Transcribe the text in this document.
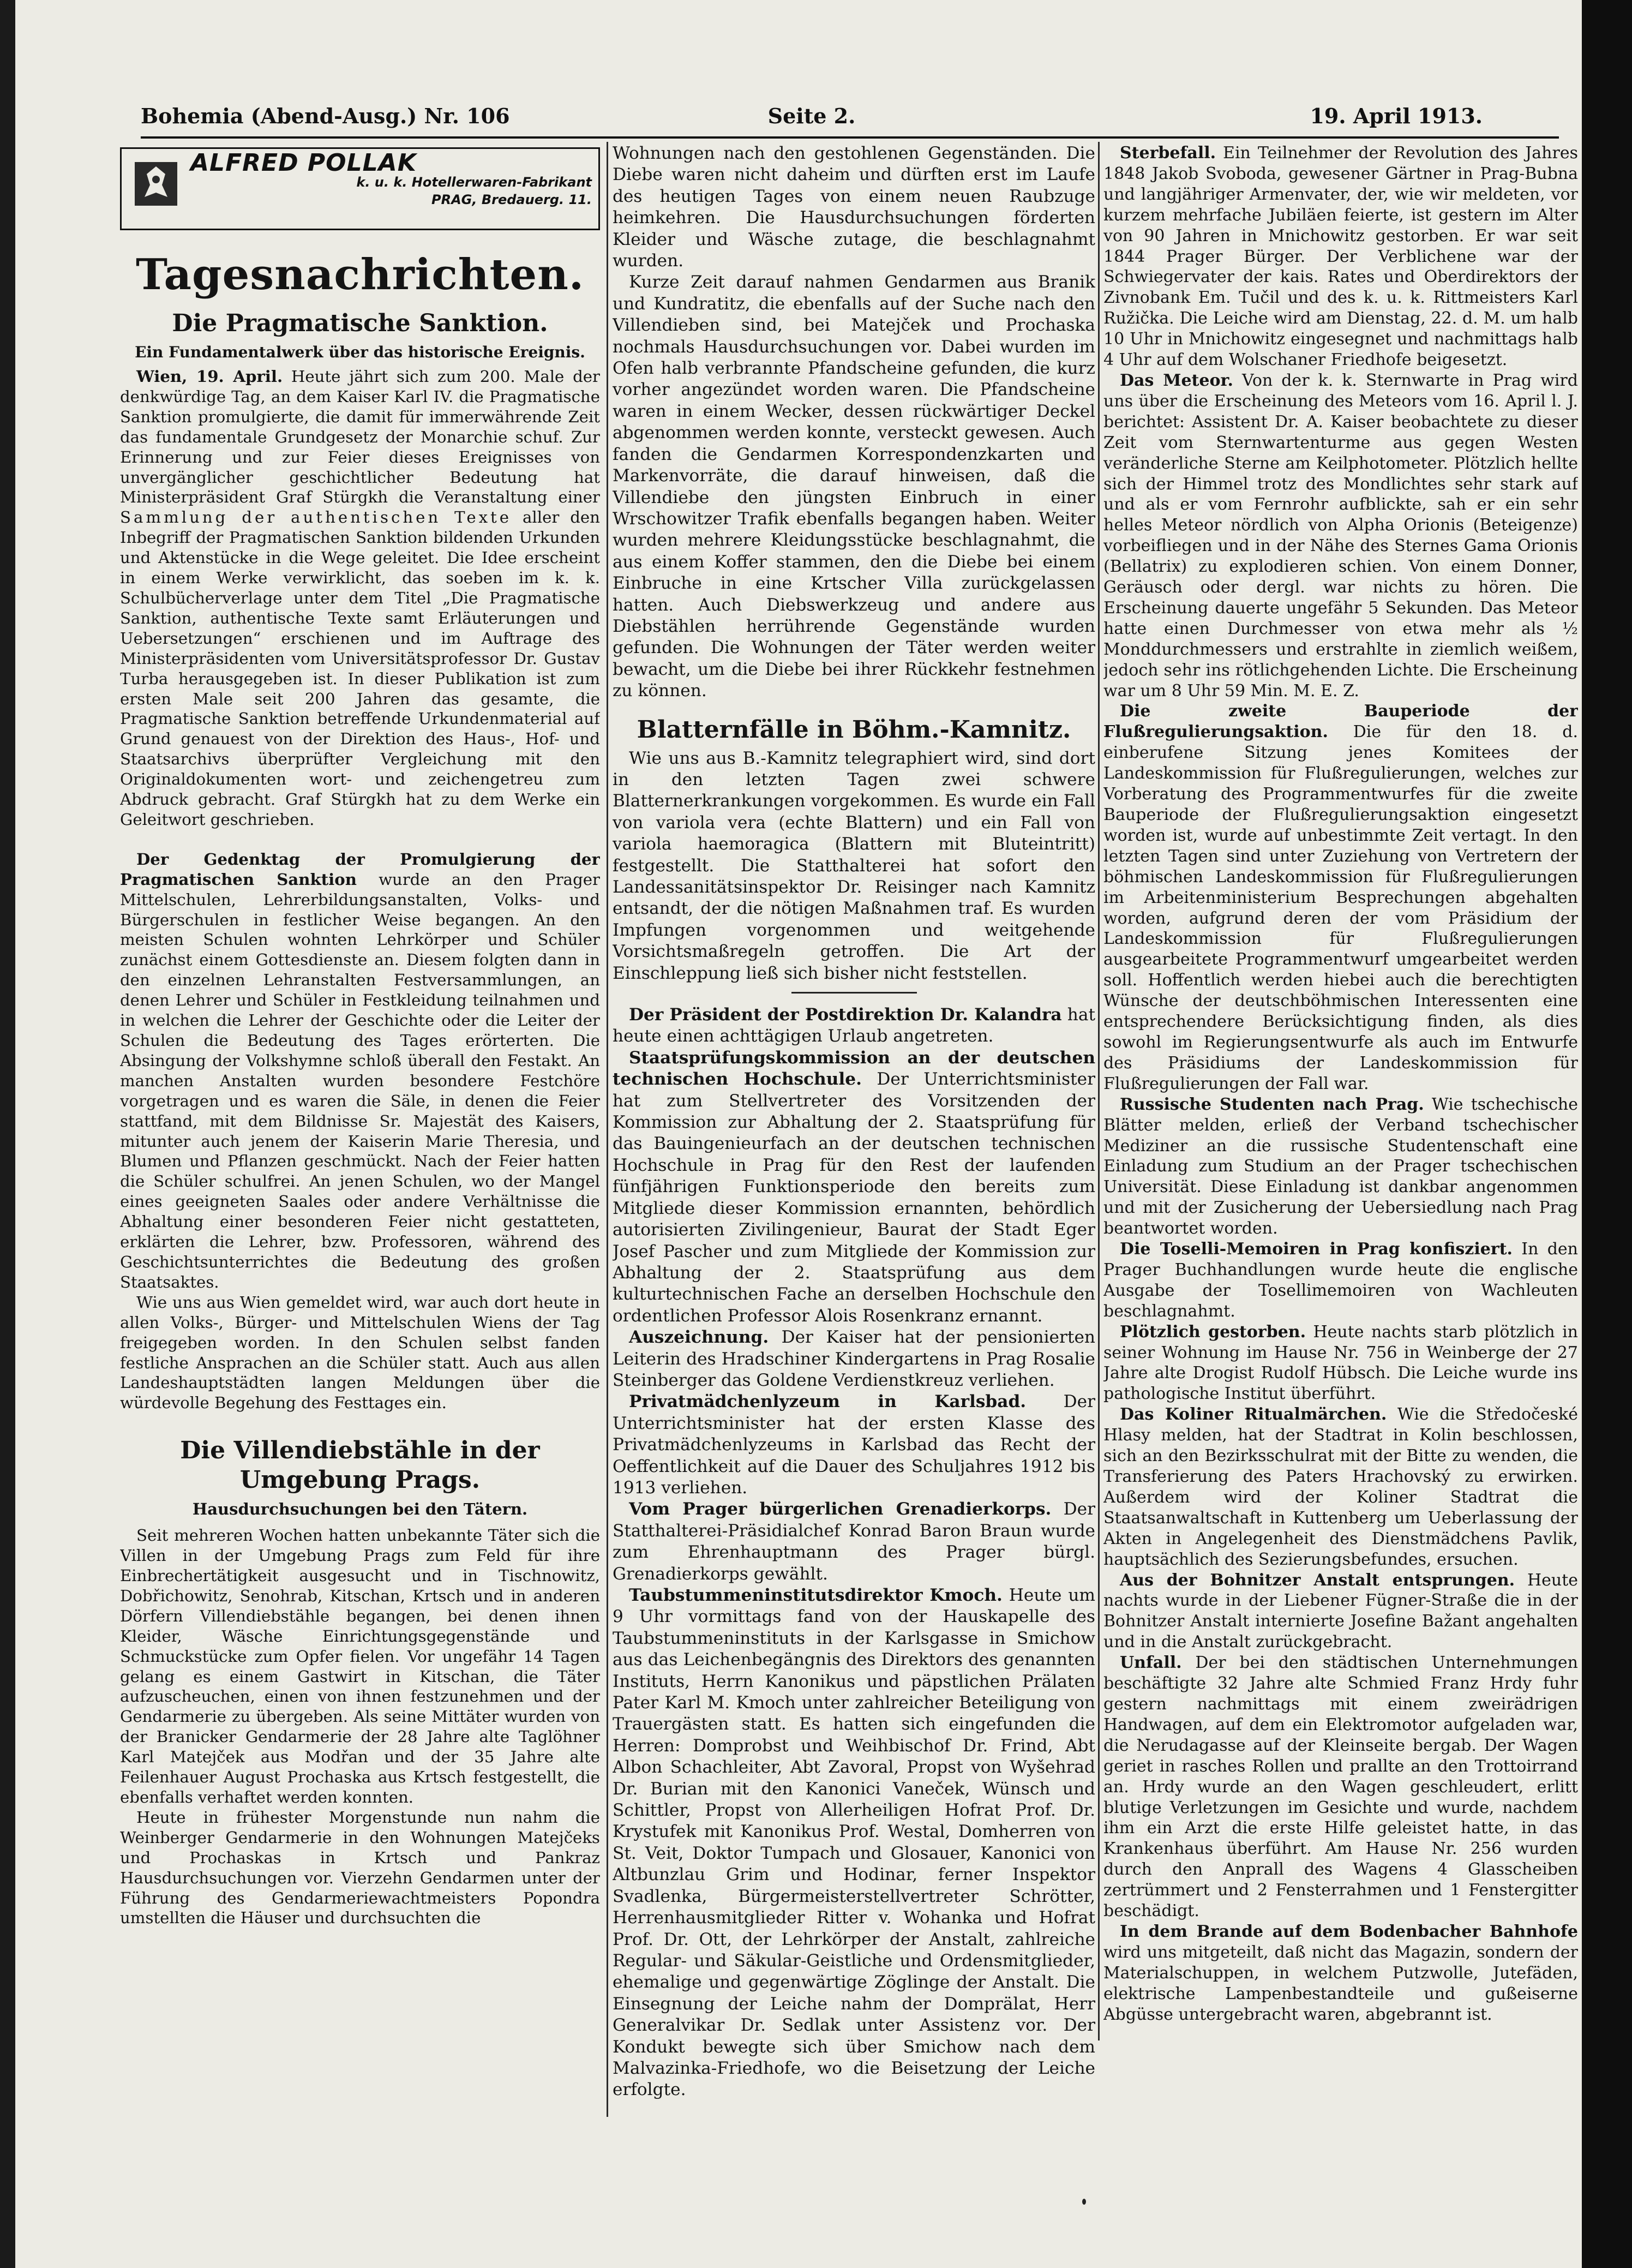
Bohemia (Abend-Ausg.) Nr. 106	Seite 2.	19. April 1913.
ALFRED POLLAK
k. u. k. Hotellerwaren-Fabrikant
PRAG, Bredauerg. 11.
Tagesnachrichten.
Die Pragmatische Sanktion.
Ein Fundamentalwerk über das historische Ereignis.

Wien, 19. April. Heute jährt sich zum 200. Male der denkwürdige Tag, an dem Kaiser Karl IV. die Pragmatische Sanktion promulgierte, die damit für immerwährende Zeit das fundamentale Grundgesetz der Monarchie schuf. Zur Erinnerung und zur Feier dieses Ereignisses von unvergänglicher geschichtlicher Bedeutung hat Ministerpräsident Graf Stürgkh die Veranstaltung einer Sammlung der authentischen Texte aller den Inbegriff der Pragmatischen Sanktion bildenden Urkunden und Aktenstücke in die Wege geleitet. Die Idee erscheint in einem Werke verwirklicht, das soeben im k. k. Schulbücherverlage unter dem Titel „Die Pragmatische Sanktion, authentische Texte samt Erläuterungen und Uebersetzungen“ erschienen und im Auftrage des Ministerpräsidenten vom Universitätsprofessor Dr. Gustav Turba herausgegeben ist. In dieser Publikation ist zum ersten Male seit 200 Jahren das gesamte, die Pragmatische Sanktion betreffende Urkundenmaterial auf Grund genauest von der Direktion des Haus-, Hof- und Staatsarchivs überprüfter Vergleichung mit den Originaldokumenten wort- und zeichengetreu zum Abdruck gebracht. Graf Stürgkh hat zu dem Werke ein Geleitwort geschrieben.

Der Gedenktag der Promulgierung der Pragmatischen Sanktion wurde an den Prager Mittelschulen, Lehrerbildungsanstalten, Volks- und Bürgerschulen in festlicher Weise begangen. An den meisten Schulen wohnten Lehrkörper und Schüler zunächst einem Gottesdienste an. Diesem folgten dann in den einzelnen Lehranstalten Festversammlungen, an denen Lehrer und Schüler in Festkleidung teilnahmen und in welchen die Lehrer der Geschichte oder die Leiter der Schulen die Bedeutung des Tages erörterten. Die Absingung der Volkshymne schloß überall den Festakt. An manchen Anstalten wurden besondere Festchöre vorgetragen und es waren die Säle, in denen die Feier stattfand, mit dem Bildnisse Sr. Majestät des Kaisers, mitunter auch jenem der Kaiserin Marie Theresia, und Blumen und Pflanzen geschmückt. Nach der Feier hatten die Schüler schulfrei. An jenen Schulen, wo der Mangel eines geeigneten Saales oder andere Verhältnisse die Abhaltung einer besonderen Feier nicht gestatteten, erklärten die Lehrer, bzw. Professoren, während des Geschichtsunterrichtes die Bedeutung des großen Staatsaktes.

Wie uns aus Wien gemeldet wird, war auch dort heute in allen Volks-, Bürger- und Mittelschulen Wiens der Tag freigegeben worden. In den Schulen selbst fanden festliche Ansprachen an die Schüler statt. Auch aus allen Landeshauptstädten langen Meldungen über die würdevolle Begehung des Festtages ein.

Die Villendiebstähle in der Umgebung Prags.
Hausdurchsuchungen bei den Tätern.

Seit mehreren Wochen hatten unbekannte Täter sich die Villen in der Umgebung Prags zum Feld für ihre Einbrechertätigkeit ausgesucht und in Tischnowitz, Dobřichowitz, Senohrab, Kitschan, Krtsch und in anderen Dörfern Villendiebstähle begangen, bei denen ihnen Kleider, Wäsche Einrichtungsgegenstände und Schmuckstücke zum Opfer fielen. Vor ungefähr 14 Tagen gelang es einem Gastwirt in Kitschan, die Täter aufzuscheuchen, einen von ihnen festzunehmen und der Gendarmerie zu übergeben. Als seine Mittäter wurden von der Branicker Gendarmerie der 28 Jahre alte Taglöhner Karl Matejček aus Modřan und der 35 Jahre alte Feilenhauer August Prochaska aus Krtsch festgestellt, die ebenfalls verhaftet werden konnten.

Heute in frühester Morgenstunde nun nahm die Weinberger Gendarmerie in den Wohnungen Matejčeks und Prochaskas in Krtsch und Pankraz Hausdurchsuchungen vor. Vierzehn Gendarmen unter der Führung des Gendarmeriewachtmeisters Popondra umstellten die Häuser und durchsuchten die

Wohnungen nach den gestohlenen Gegenständen. Die Diebe waren nicht daheim und dürften erst im Laufe des heutigen Tages von einem neuen Raubzuge heimkehren. Die Hausdurchsuchungen förderten Kleider und Wäsche zutage, die beschlagnahmt wurden.

Kurze Zeit darauf nahmen Gendarmen aus Branik und Kundratitz, die ebenfalls auf der Suche nach den Villendieben sind, bei Matejček und Prochaska nochmals Hausdurchsuchungen vor. Dabei wurden im Ofen halb verbrannte Pfandscheine gefunden, die kurz vorher angezündet worden waren. Die Pfandscheine waren in einem Wecker, dessen rückwärtiger Deckel abgenommen werden konnte, versteckt gewesen. Auch fanden die Gendarmen Korrespondenzkarten und Markenvorräte, die darauf hinweisen, daß die Villendiebe den jüngsten Einbruch in einer Wrschowitzer Trafik ebenfalls begangen haben. Weiter wurden mehrere Kleidungsstücke beschlagnahmt, die aus einem Koffer stammen, den die Diebe bei einem Einbruche in eine Krtscher Villa zurückgelassen hatten. Auch Diebswerkzeug und andere aus Diebstählen herrührende Gegenstände wurden gefunden. Die Wohnungen der Täter werden weiter bewacht, um die Diebe bei ihrer Rückkehr festnehmen zu können.

Blatternfälle in Böhm.-Kamnitz.

Wie uns aus B.-Kamnitz telegraphiert wird, sind dort in den letzten Tagen zwei schwere Blatternerkrankungen vorgekommen. Es wurde ein Fall von variola vera (echte Blattern) und ein Fall von variola haemoragica (Blattern mit Bluteintritt) festgestellt. Die Statthalterei hat sofort den Landessanitätsinspektor Dr. Reisinger nach Kamnitz entsandt, der die nötigen Maßnahmen traf. Es wurden Impfungen vorgenommen und weitgehende Vorsichtsmaßregeln getroffen. Die Art der Einschleppung ließ sich bisher nicht feststellen.

Der Präsident der Postdirektion Dr. Kalandra hat heute einen achttägigen Urlaub angetreten.

Staatsprüfungskommission an der deutschen technischen Hochschule. Der Unterrichtsminister hat zum Stellvertreter des Vorsitzenden der Kommission zur Abhaltung der 2. Staatsprüfung für das Bauingenieurfach an der deutschen technischen Hochschule in Prag für den Rest der laufenden fünfjährigen Funktionsperiode den bereits zum Mitgliede dieser Kommission ernannten, behördlich autorisierten Zivilingenieur, Baurat der Stadt Eger Josef Pascher und zum Mitgliede der Kommission zur Abhaltung der 2. Staatsprüfung aus dem kulturtechnischen Fache an derselben Hochschule den ordentlichen Professor Alois Rosenkranz ernannt.

Auszeichnung. Der Kaiser hat der pensionierten Leiterin des Hradschiner Kindergartens in Prag Rosalie Steinberger das Goldene Verdienstkreuz verliehen.

Privatmädchenlyzeum in Karlsbad. Der Unterrichtsminister hat der ersten Klasse des Privatmädchenlyzeums in Karlsbad das Recht der Oeffentlichkeit auf die Dauer des Schuljahres 1912 bis 1913 verliehen.

Vom Prager bürgerlichen Grenadierkorps. Der Statthalterei-Präsidialchef Konrad Baron Braun wurde zum Ehrenhauptmann des Prager bürgl. Grenadierkorps gewählt.

Taubstummeninstitutsdirektor Kmoch. Heute um 9 Uhr vormittags fand von der Hauskapelle des Taubstummeninstituts in der Karlsgasse in Smichow aus das Leichenbegängnis des Direktors des genannten Instituts, Herrn Kanonikus und päpstlichen Prälaten Pater Karl M. Kmoch unter zahlreicher Beteiligung von Trauergästen statt. Es hatten sich eingefunden die Herren: Domprobst und Weihbischof Dr. Frind, Abt Albon Schachleiter, Abt Zavoral, Propst von Wyšehrad Dr. Burian mit den Kanonici Vaneček, Wünsch und Schittler, Propst von Allerheiligen Hofrat Prof. Dr. Krystufek mit Kanonikus Prof. Westal, Domherren von St. Veit, Doktor Tumpach und Glosauer, Kanonici von Altbunzlau Grim und Hodinar, ferner Inspektor Svadlenka, Bürgermeisterstellvertreter Schrötter, Herrenhausmitglieder Ritter v. Wohanka und Hofrat Prof. Dr. Ott, der Lehrkörper der Anstalt, zahlreiche Regular- und Säkular-Geistliche und Ordensmitglieder, ehemalige und gegenwärtige Zöglinge der Anstalt. Die Einsegnung der Leiche nahm der Domprälat, Herr Generalvikar Dr. Sedlak unter Assistenz vor. Der Kondukt bewegte sich über Smichow nach dem Malvazinka-Friedhofe, wo die Beisetzung der Leiche erfolgte.

Sterbefall. Ein Teilnehmer der Revolution des Jahres 1848 Jakob Svoboda, gewesener Gärtner in Prag-Bubna und langjähriger Armenvater, der, wie wir meldeten, vor kurzem mehrfache Jubiläen feierte, ist gestern im Alter von 90 Jahren in Mnichowitz gestorben. Er war seit 1844 Prager Bürger. Der Verblichene war der Schwiegervater der kais. Rates und Oberdirektors der Zivnobank Em. Tučil und des k. u. k. Rittmeisters Karl Ružička. Die Leiche wird am Dienstag, 22. d. M. um halb 10 Uhr in Mnichowitz eingesegnet und nachmittags halb 4 Uhr auf dem Wolschaner Friedhofe beigesetzt.

Das Meteor. Von der k. k. Sternwarte in Prag wird uns über die Erscheinung des Meteors vom 16. April l. J. berichtet: Assistent Dr. A. Kaiser beobachtete zu dieser Zeit vom Sternwartenturme aus gegen Westen veränderliche Sterne am Keilphotometer. Plötzlich hellte sich der Himmel trotz des Mondlichtes sehr stark auf und als er vom Fernrohr aufblickte, sah er ein sehr helles Meteor nördlich von Alpha Orionis (Beteigenze) vorbeifliegen und in der Nähe des Sternes Gama Orionis (Bellatrix) zu explodieren schien. Von einem Donner, Geräusch oder dergl. war nichts zu hören. Die Erscheinung dauerte ungefähr 5 Sekunden. Das Meteor hatte einen Durchmesser von etwa mehr als ½ Monddurchmessers und erstrahlte in ziemlich weißem, jedoch sehr ins rötlichgehenden Lichte. Die Erscheinung war um 8 Uhr 59 Min. M. E. Z.

Die zweite Bauperiode der Flußregulierungsaktion. Die für den 18. d. einberufene Sitzung jenes Komitees der Landeskommission für Flußregulierungen, welches zur Vorberatung des Programmentwurfes für die zweite Bauperiode der Flußregulierungsaktion eingesetzt worden ist, wurde auf unbestimmte Zeit vertagt. In den letzten Tagen sind unter Zuziehung von Vertretern der böhmischen Landeskommission für Flußregulierungen im Arbeitenministerium Besprechungen abgehalten worden, aufgrund deren der vom Präsidium der Landeskommission für Flußregulierungen ausgearbeitete Programmentwurf umgearbeitet werden soll. Hoffentlich werden hiebei auch die berechtigten Wünsche der deutschböhmischen Interessenten eine entsprechendere Berücksichtigung finden, als dies sowohl im Regierungsentwurfe als auch im Entwurfe des Präsidiums der Landeskommission für Flußregulierungen der Fall war.

Russische Studenten nach Prag. Wie tschechische Blätter melden, erließ der Verband tschechischer Mediziner an die russische Studentenschaft eine Einladung zum Studium an der Prager tschechischen Universität. Diese Einladung ist dankbar angenommen und mit der Zusicherung der Uebersiedlung nach Prag beantwortet worden.

Die Toselli-Memoiren in Prag konfisziert. In den Prager Buchhandlungen wurde heute die englische Ausgabe der Tosellimemoiren von Wachleuten beschlagnahmt.

Plötzlich gestorben. Heute nachts starb plötzlich in seiner Wohnung im Hause Nr. 756 in Weinberge der 27 Jahre alte Drogist Rudolf Hübsch. Die Leiche wurde ins pathologische Institut überführt.

Das Koliner Ritualmärchen. Wie die Středočeské Hlasy melden, hat der Stadtrat in Kolin beschlossen, sich an den Bezirksschulrat mit der Bitte zu wenden, die Transferierung des Paters Hrachovský zu erwirken. Außerdem wird der Koliner Stadtrat die Staatsanwaltschaft in Kuttenberg um Ueberlassung der Akten in Angelegenheit des Dienstmädchens Pavlik, hauptsächlich des Sezierungsbefundes, ersuchen.

Aus der Bohnitzer Anstalt entsprungen. Heute nachts wurde in der Liebener Fügner-Straße die in der Bohnitzer Anstalt internierte Josefine Bažant angehalten und in die Anstalt zurückgebracht.

Unfall. Der bei den städtischen Unternehmungen beschäftigte 32 Jahre alte Schmied Franz Hrdy fuhr gestern nachmittags mit einem zweirädrigen Handwagen, auf dem ein Elektromotor aufgeladen war, die Nerudagasse auf der Kleinseite bergab. Der Wagen geriet in rasches Rollen und prallte an den Trottoirrand an. Hrdy wurde an den Wagen geschleudert, erlitt blutige Verletzungen im Gesichte und wurde, nachdem ihm ein Arzt die erste Hilfe geleistet hatte, in das Krankenhaus überführt. Am Hause Nr. 256 wurden durch den Anprall des Wagens 4 Glasscheiben zertrümmert und 2 Fensterrahmen und 1 Fenstergitter beschädigt.

In dem Brande auf dem Bodenbacher Bahnhofe wird uns mitgeteilt, daß nicht das Magazin, sondern der Materialschuppen, in welchem Putzwolle, Jutefäden, elektrische Lampenbestandteile und gußeiserne Abgüsse untergebracht waren, abgebrannt ist.
